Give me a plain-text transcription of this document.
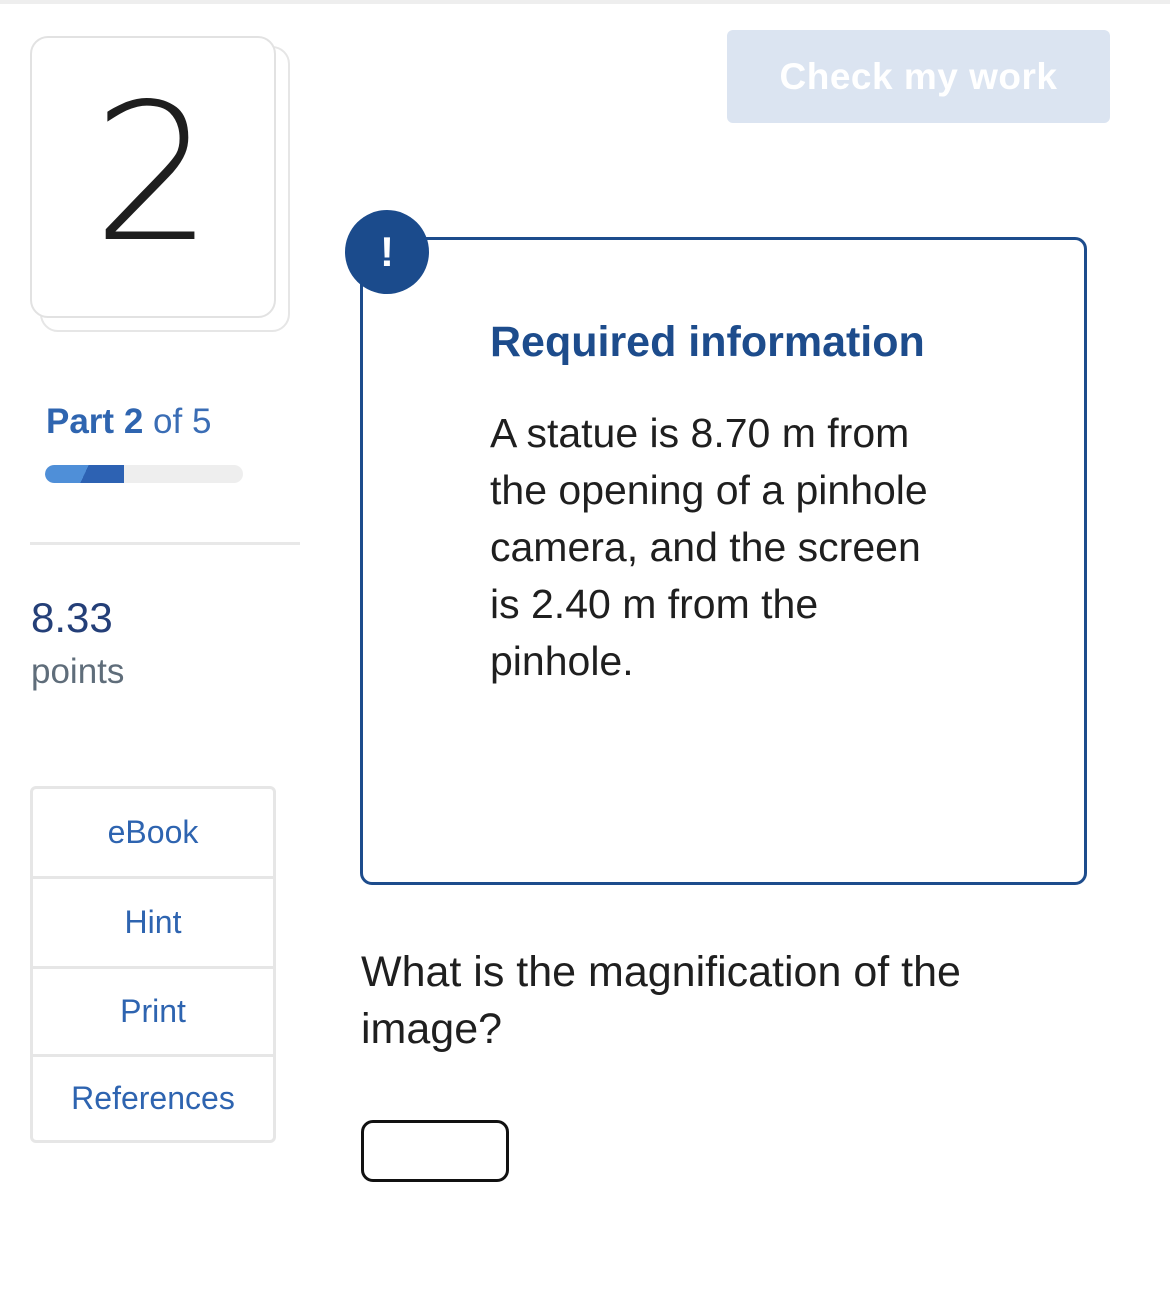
2
Part 2 of 5
8.33
points
eBook
Hint
Print
References
Check my work
!
Required information
A statue is 8.70 m from the opening of a pinhole camera, and the screen is 2.40 m from the pinhole.
What is the magnification of the image?
